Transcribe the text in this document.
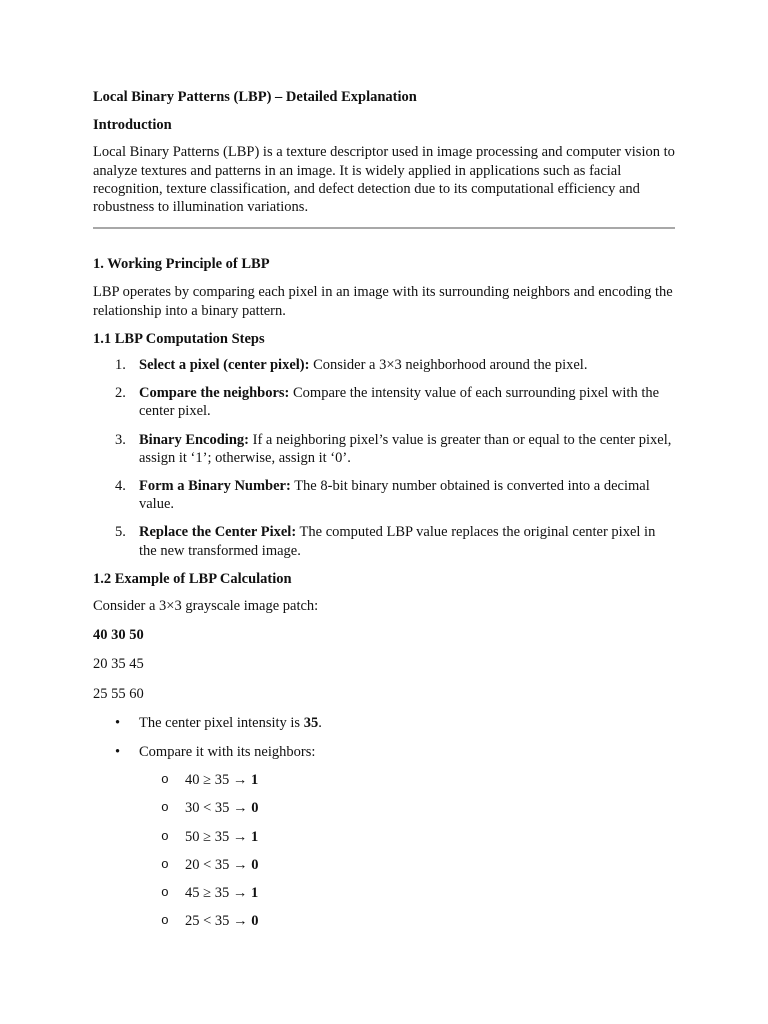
Local Binary Patterns (LBP) – Detailed Explanation
Introduction

Local Binary Patterns (LBP) is a texture descriptor used in image processing and computer vision to analyze textures and patterns in an image. It is widely applied in applications such as facial recognition, texture classification, and defect detection due to its computational efficiency and robustness to illumination variations.

1. Working Principle of LBP

LBP operates by comparing each pixel in an image with its surrounding neighbors and encoding the relationship into a binary pattern.

1.1 LBP Computation Steps
1. Select a pixel (center pixel): Consider a 3×3 neighborhood around the pixel.
2. Compare the neighbors: Compare the intensity value of each surrounding pixel with the center pixel.
3. Binary Encoding: If a neighboring pixel’s value is greater than or equal to the center pixel, assign it ‘1’; otherwise, assign it ‘0’.
4. Form a Binary Number: The 8-bit binary number obtained is converted into a decimal value.
5. Replace the Center Pixel: The computed LBP value replaces the original center pixel in the new transformed image.
1.2 Example of LBP Calculation

Consider a 3×3 grayscale image patch:

40 30 50

20 35 45

25 55 60

• The center pixel intensity is 35.
• Compare it with its neighbors:
o 40 ≥ 35 → 1
o 30 < 35 → 0
o 50 ≥ 35 → 1
o 20 < 35 → 0
o 45 ≥ 35 → 1
o 25 < 35 → 0
